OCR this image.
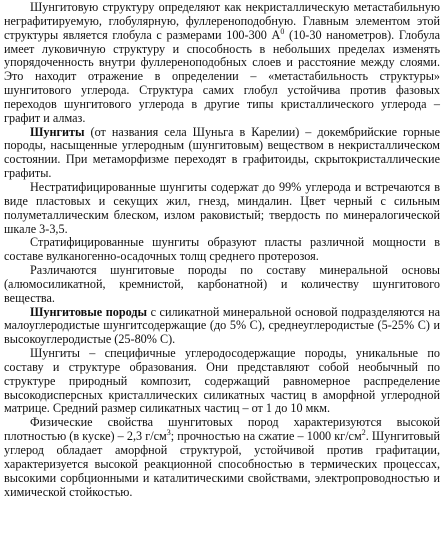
Шунгитовую структуру определяют как некристаллическую метастабильную неграфитируемую, глобулярную, фуллереноподобную. Главным элементом этой структуры является глобула с размерами 100-300 $A^0$ (10-30 нанометров). Глобула имеет луковичную структуру и способность в небольших пределах изменять упорядоченность внутри фуллереноподобных слоев и расстояние между слоями. Это находит отражение в определении – «метастабильность структуры» шунгитового углерода. Структура самих глобул устойчива против фазовых переходов шунгитового углерода в другие типы кристаллического углерода – графит и алмаз.

Шунгиты (от названия села Шуньга в Карелии) – докембрийские горные породы, насыщенные углеродным (шунгитовым) веществом в некристаллическом состоянии. При метаморфизме переходят в графитоиды, скрытокристаллические графиты.

Нестратифицированные шунгиты содержат до 99% углерода и встречаются в виде пластовых и секущих жил, гнезд, миндалин. Цвет черный с сильным полуметаллическим блеском, излом раковистый; твердость по минералогической шкале 3-3,5.

Стратифицированные шунгиты образуют пласты различной мощности в составе вулканогенно-осадочных толщ среднего протерозоя.

Различаются шунгитовые породы по составу минеральной основы (алюмосиликатной, кремнистой, карбонатной) и количеству шунгитового вещества.

Шунгитовые породы с силикатной минеральной основой подразделяются на малоуглеродистые шунгитсодержащие (до 5% С), среднеуглеродистые (5-25% С) и высокоуглеродистые (25-80% С).

Шунгиты – специфичные углеродосодержащие породы, уникальные по составу и структуре образования. Они представляют собой необычный по структуре природный композит, содержащий равномерное распределение высокодисперсных кристаллических силикатных частиц в аморфной углеродной матрице. Средний размер силикатных частиц – от 1 до 10 мкм.

Физические свойства шунгитовых пород характеризуются высокой плотностью (в куске) – 2,3 $г/см^3$; прочностью на сжатие – 1000 $кг/см^2$. Шунгитовый углерод обладает аморфной структурой, устойчивой против графитации, характеризуется высокой реакционной способностью в термических процессах, высокими сорбционными и каталитическими свойствами, электропроводностью и химической стойкостью.
